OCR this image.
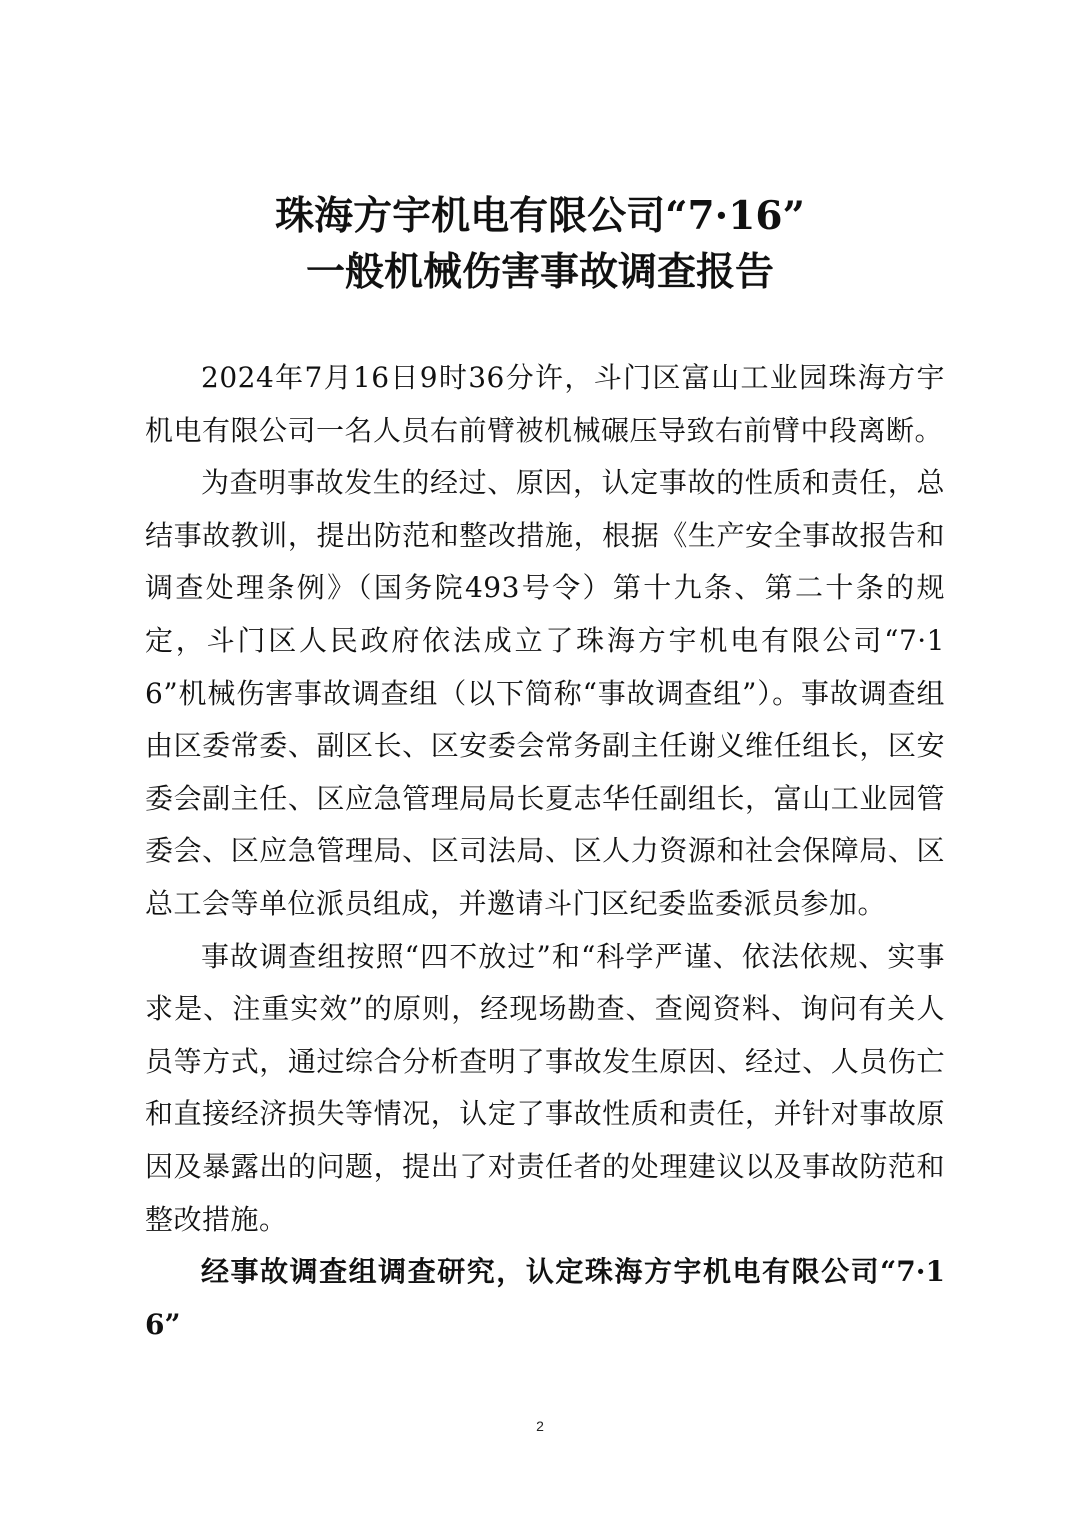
珠海方宇机电有限公司“7·16”
一般机械伤害事故调查报告

2024年7月16日9时36分许，斗门区富山工业园珠海方宇机电有限公司一名人员右前臂被机械碾压导致右前臂中段离断。

为查明事故发生的经过、原因，认定事故的性质和责任，总结事故教训，提出防范和整改措施，根据《生产安全事故报告和调查处理条例》（国务院493号令）第十九条、第二十条的规定，斗门区人民政府依法成立了珠海方宇机电有限公司“7·16”机械伤害事故调查组（以下简称“事故调查组”）。事故调查组由区委常委、副区长、区安委会常务副主任谢义维任组长，区安委会副主任、区应急管理局局长夏志华任副组长，富山工业园管委会、区应急管理局、区司法局、区人力资源和社会保障局、区总工会等单位派员组成，并邀请斗门区纪委监委派员参加。

事故调查组按照“四不放过”和“科学严谨、依法依规、实事求是、注重实效”的原则，经现场勘查、查阅资料、询问有关人员等方式，通过综合分析查明了事故发生原因、经过、人员伤亡和直接经济损失等情况，认定了事故性质和责任，并针对事故原因及暴露出的问题，提出了对责任者的处理建议以及事故防范和整改措施。

经事故调查组调查研究，认定珠海方宇机电有限公司“7·16”

2
